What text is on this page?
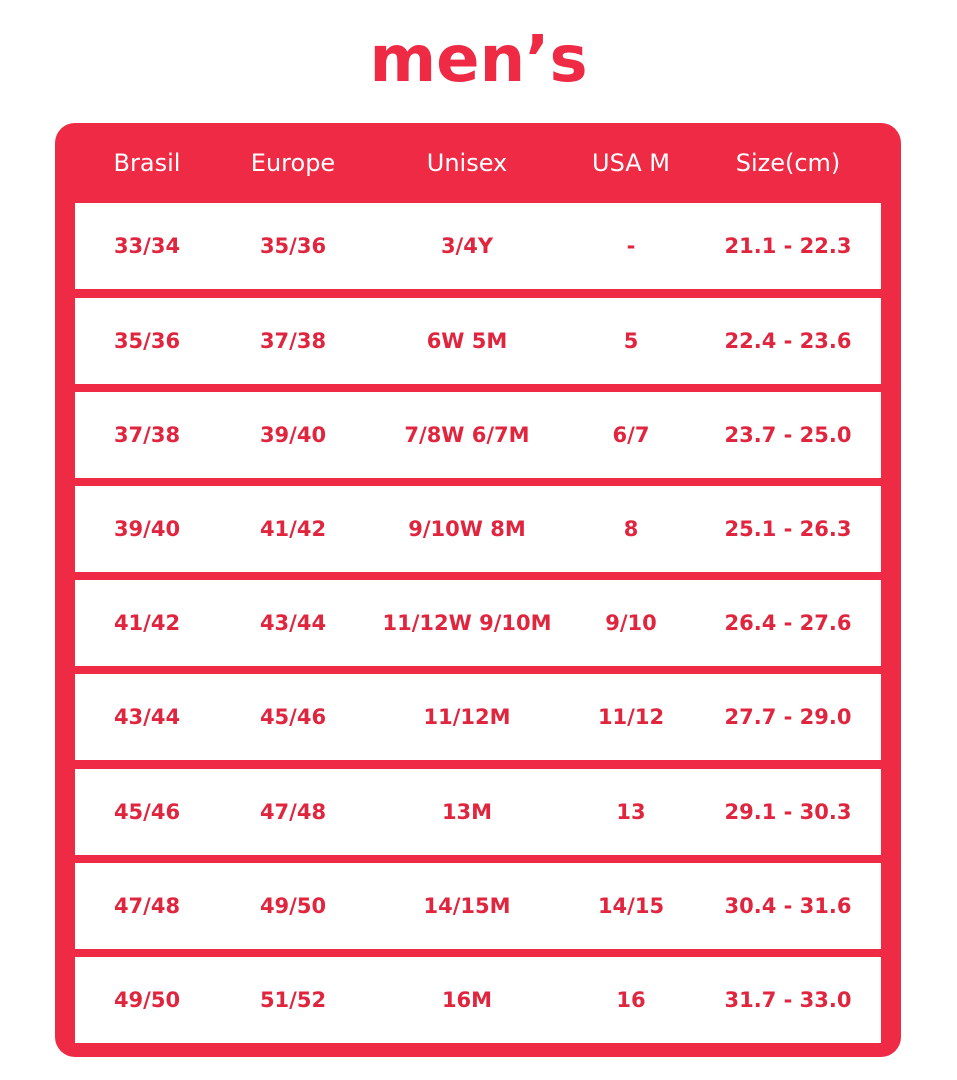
men’s
Brasil	Europe	Unisex	USA M	Size(cm)
33/34	35/36	3/4Y	-	21.1 - 22.3
35/36	37/38	6W 5M	5	22.4 - 23.6
37/38	39/40	7/8W 6/7M	6/7	23.7 - 25.0
39/40	41/42	9/10W 8M	8	25.1 - 26.3
41/42	43/44	11/12W 9/10M	9/10	26.4 - 27.6
43/44	45/46	11/12M	11/12	27.7 - 29.0
45/46	47/48	13M	13	29.1 - 30.3
47/48	49/50	14/15M	14/15	30.4 - 31.6
49/50	51/52	16M	16	31.7 - 33.0
